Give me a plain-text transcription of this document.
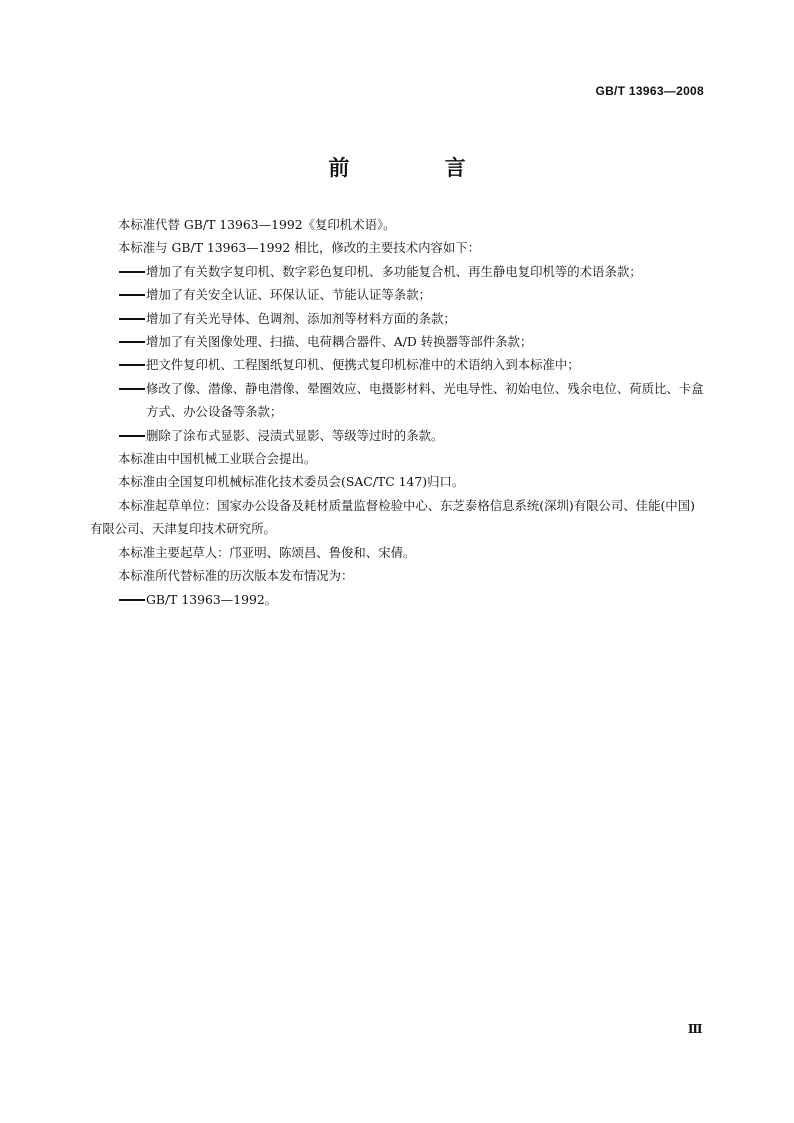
GB/T 13963—2008
前 言

本标准代替 GB/T 13963—1992《复印机术语》。

本标准与 GB/T 13963—1992 相比，修改的主要技术内容如下：

增加了有关数字复印机、数字彩色复印机、多功能复合机、再生静电复印机等的术语条款；
增加了有关安全认证、环保认证、节能认证等条款；
增加了有关光导体、色调剂、添加剂等材料方面的条款；
增加了有关图像处理、扫描、电荷耦合器件、A/D 转换器等部件条款；
把文件复印机、工程图纸复印机、便携式复印机标准中的术语纳入到本标准中；
修改了像、潜像、静电潜像、晕圈效应、电摄影材料、光电导性、初始电位、残余电位、荷质比、卡盒方式、办公设备等条款；
删除了涂布式显影、浸渍式显影、等级等过时的条款。

本标准由中国机械工业联合会提出。

本标准由全国复印机械标准化技术委员会(SAC/TC 147)归口。

本标准起草单位：国家办公设备及耗材质量监督检验中心、东芝泰格信息系统(深圳)有限公司、佳能(中国)有限公司、天津复印技术研究所。

本标准主要起草人：邝亚明、陈颂昌、鲁俊和、宋倩。

本标准所代替标准的历次版本发布情况为：

GB/T 13963—1992。
Ⅲ
